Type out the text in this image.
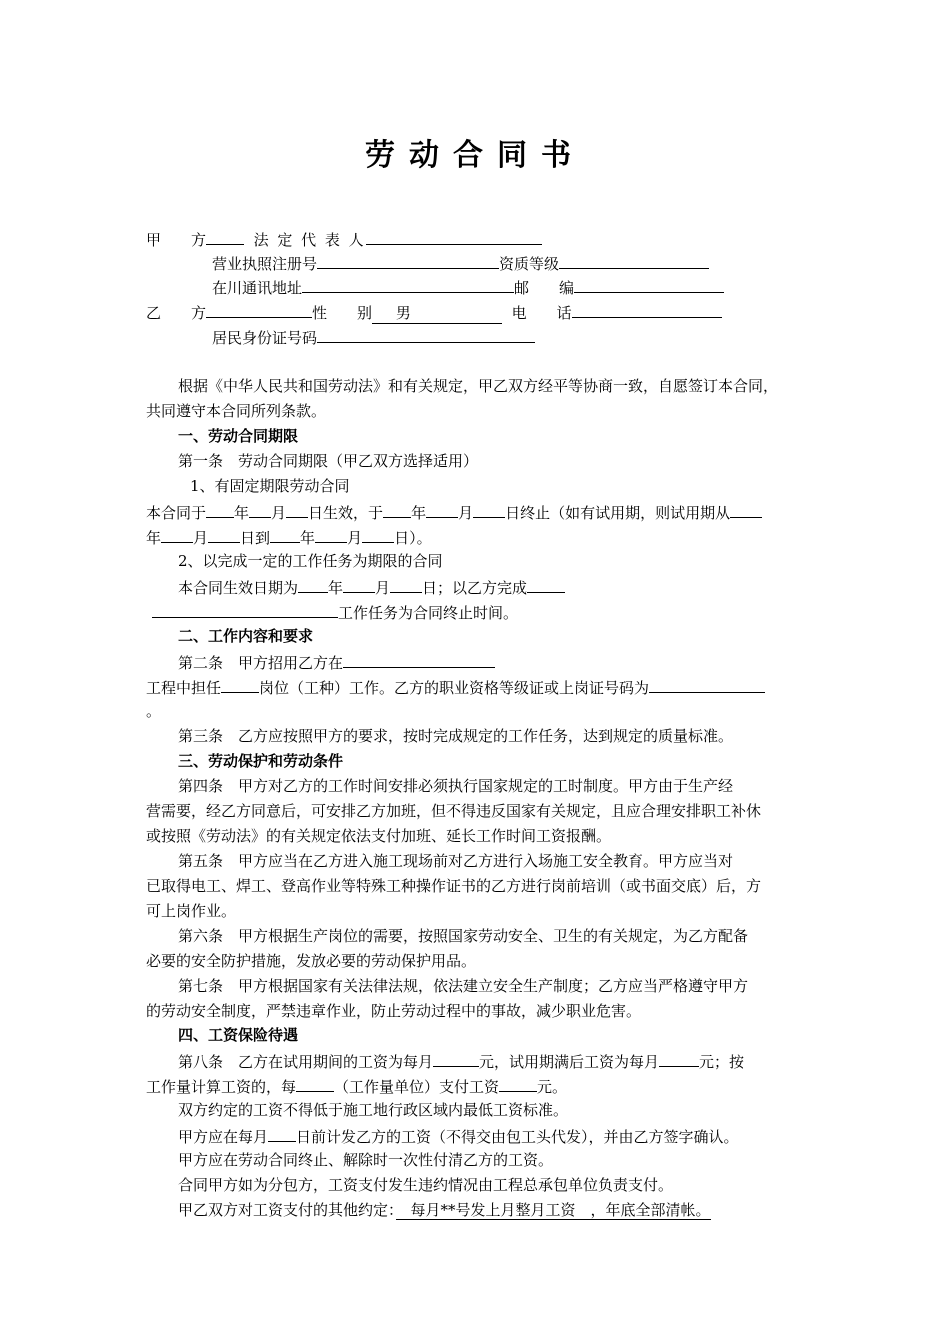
劳动合同书
甲　　方	法 定 代 表 人
营业执照注册号	资质等级
在川通讯地址	邮　　编
乙　　方	性　　别 男	电　　话
居民身份证号码
根据《中华人民共和国劳动法》和有关规定，甲乙双方经平等协商一致，自愿签订本合同，
共同遵守本合同所列条款。
一、劳动合同期限
第一条　劳动合同期限（甲乙双方选择适用）
1、有固定期限劳动合同
本合同于 年 月 日生效，于 年 月 日终止（如有试用期，则试用期从
年 月 日到 年 月 日）。
2、以完成一定的工作任务为期限的合同
本合同生效日期为 年 月 日；以乙方完成
工作任务为合同终止时间。
二、工作内容和要求
第二条　甲方招用乙方在
工程中担任	岗位（工种）工作。乙方的职业资格等级证或上岗证号码为
。
第三条　乙方应按照甲方的要求，按时完成规定的工作任务，达到规定的质量标准。
三、劳动保护和劳动条件
第四条　甲方对乙方的工作时间安排必须执行国家规定的工时制度。甲方由于生产经
营需要，经乙方同意后，可安排乙方加班，但不得违反国家有关规定，且应合理安排职工补休
或按照《劳动法》的有关规定依法支付加班、延长工作时间工资报酬。
第五条　甲方应当在乙方进入施工现场前对乙方进行入场施工安全教育。甲方应当对
已取得电工、焊工、登高作业等特殊工种操作证书的乙方进行岗前培训（或书面交底）后，方
可上岗作业。
第六条　甲方根据生产岗位的需要，按照国家劳动安全、卫生的有关规定，为乙方配备
必要的安全防护措施，发放必要的劳动保护用品。
第七条　甲方根据国家有关法律法规，依法建立安全生产制度；乙方应当严格遵守甲方
的劳动安全制度，严禁违章作业，防止劳动过程中的事故，减少职业危害。
四、工资保险待遇
第八条　乙方在试用期间的工资为每月	元，试用期满后工资为每月	元；按
工作量计算工资的，每	（工作量单位）支付工资	元。
双方约定的工资不得低于施工地行政区域内最低工资标准。
甲方应在每月 日前计发乙方的工资（不得交由包工头代发），并由乙方签字确认。
甲方应在劳动合同终止、解除时一次性付清乙方的工资。
合同甲方如为分包方，工资支付发生违约情况由工程总承包单位负责支付。
甲乙双方对工资支付的其他约定：　每月**号发上月整月工资　，年底全部清帐。
